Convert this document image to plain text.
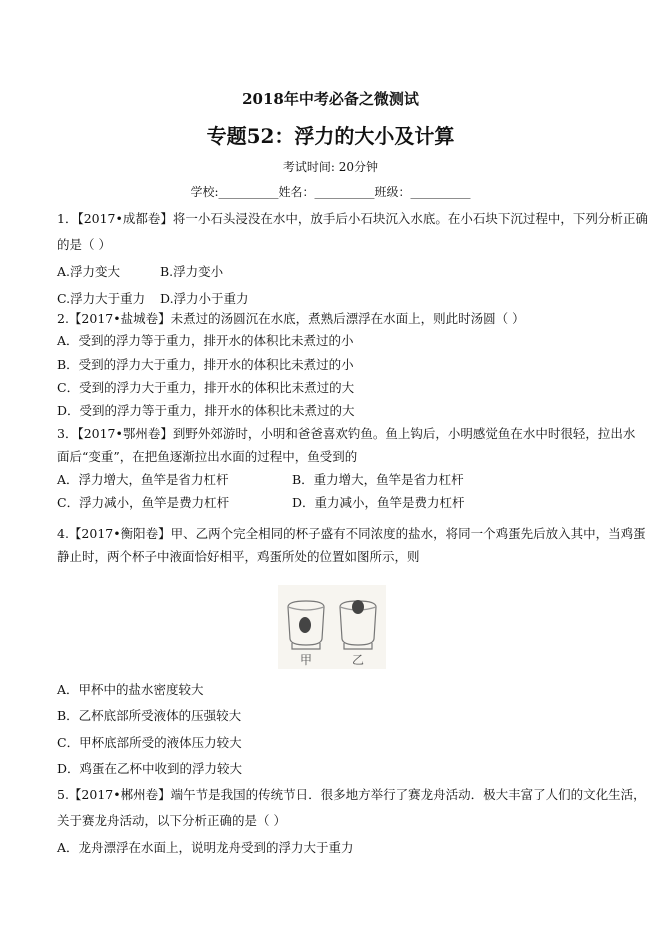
2018年中考必备之微测试
专题52：浮力的大小及计算
考试时间: 20分钟
学校:__________姓名：__________班级：__________
1．【2017•成都卷】将一小石头浸没在水中，放手后小石块沉入水底。在小石块下沉过程中，下列分析正确
的是（ ）
A.浮力变大	B.浮力变小
C.浮力大于重力 D.浮力小于重力
2.【2017•盐城卷】未煮过的汤圆沉在水底，煮熟后漂浮在水面上，则此时汤圆（ ）
A．受到的浮力等于重力，排开水的体积比未煮过的小
B．受到的浮力大于重力，排开水的体积比未煮过的小
C．受到的浮力大于重力，排开水的体积比未煮过的大
D．受到的浮力等于重力，排开水的体积比未煮过的大
3．【2017•鄂州卷】到野外郊游时，小明和爸爸喜欢钓鱼。鱼上钩后，小明感觉鱼在水中时很轻，拉出水
面后“变重”，在把鱼逐渐拉出水面的过程中，鱼受到的
A．浮力增大，鱼竿是省力杠杆	B．重力增大，鱼竿是省力杠杆
C．浮力减小，鱼竿是费力杠杆	D．重力减小，鱼竿是费力杠杆
4.【2017•衡阳卷】甲、乙两个完全相同的杯子盛有不同浓度的盐水，将同一个鸡蛋先后放入其中，当鸡蛋
静止时，两个杯子中液面恰好相平，鸡蛋所处的位置如图所示，则
甲	乙
A．甲杯中的盐水密度较大
B．乙杯底部所受液体的压强较大
C．甲杯底部所受的液体压力较大
D．鸡蛋在乙杯中收到的浮力较大
5.【2017•郴州卷】端午节是我国的传统节日．很多地方举行了赛龙舟活动．极大丰富了人们的文化生活，
关于赛龙舟活动，以下分析正确的是（ ）
A．龙舟漂浮在水面上，说明龙舟受到的浮力大于重力
